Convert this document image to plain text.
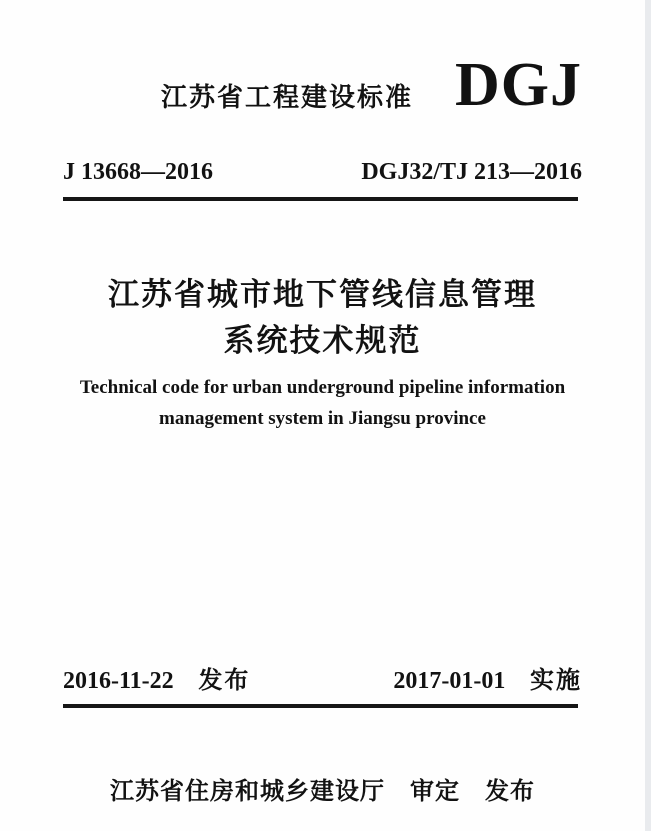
江苏省工程建设标准 DGJ
J 13668—2016	DGJ32/TJ 213—2016
江苏省城市地下管线信息管理
系统技术规范
Technical code for urban underground pipeline information
management system in Jiangsu province
2016-11-22 发布	2017-01-01 实施
江苏省住房和城乡建设厅　审定　发布
